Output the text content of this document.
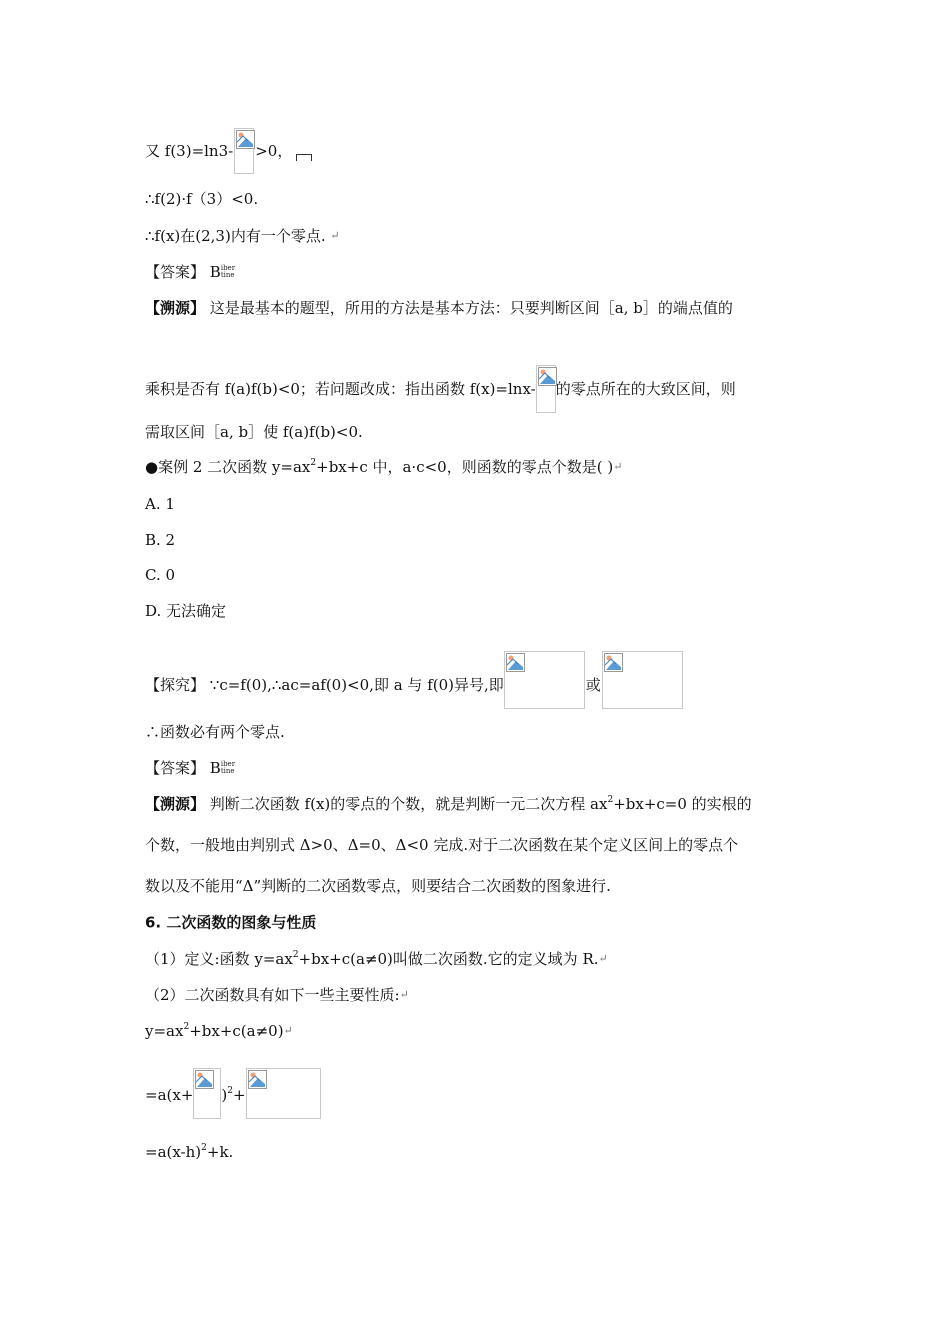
又 f(3)=ln3- >0，
∴f(2)·f（3）<0.
∴f(x)在(2,3)内有一个零点. ↵
【答案】 Biber
tine
【溯源】 这是最基本的题型，所用的方法是基本方法：只要判断区间［a, b］的端点值的
乘积是否有 f(a)f(b)<0；若问题改成：指出函数 f(x)=lnx- 的零点所在的大致区间，则
需取区间［a, b］使 f(a)f(b)<0.
●案例 2 二次函数 $y=ax^2+bx+c$ 中，a·c<0，则函数的零点个数是( )↵
A. 1
B. 2
C. 0
D. 无法确定
【探究】 ∵c=f(0),∴ac=af(0)<0,即 a 与 f(0)异号,即	或
∴函数必有两个零点.
【答案】 Biber
tine
【溯源】 判断二次函数 f(x)的零点的个数，就是判断一元二次方程 $ax^2+bx+c=0$ 的实根的
个数，一般地由判别式 Δ>0、Δ=0、Δ<0 完成.对于二次函数在某个定义区间上的零点个
数以及不能用“Δ”判断的二次函数零点，则要结合二次函数的图象进行.
6. 二次函数的图象与性质
（1）定义:函数 $y=ax^2+bx+c(a\ne 0)$叫做二次函数.它的定义域为 R.↵
（2）二次函数具有如下一些主要性质:↵
$y=ax^2+bx+c(a\ne 0)↵$
$=a(x+ )^2+$
$=a(x-h)^2+k$.
